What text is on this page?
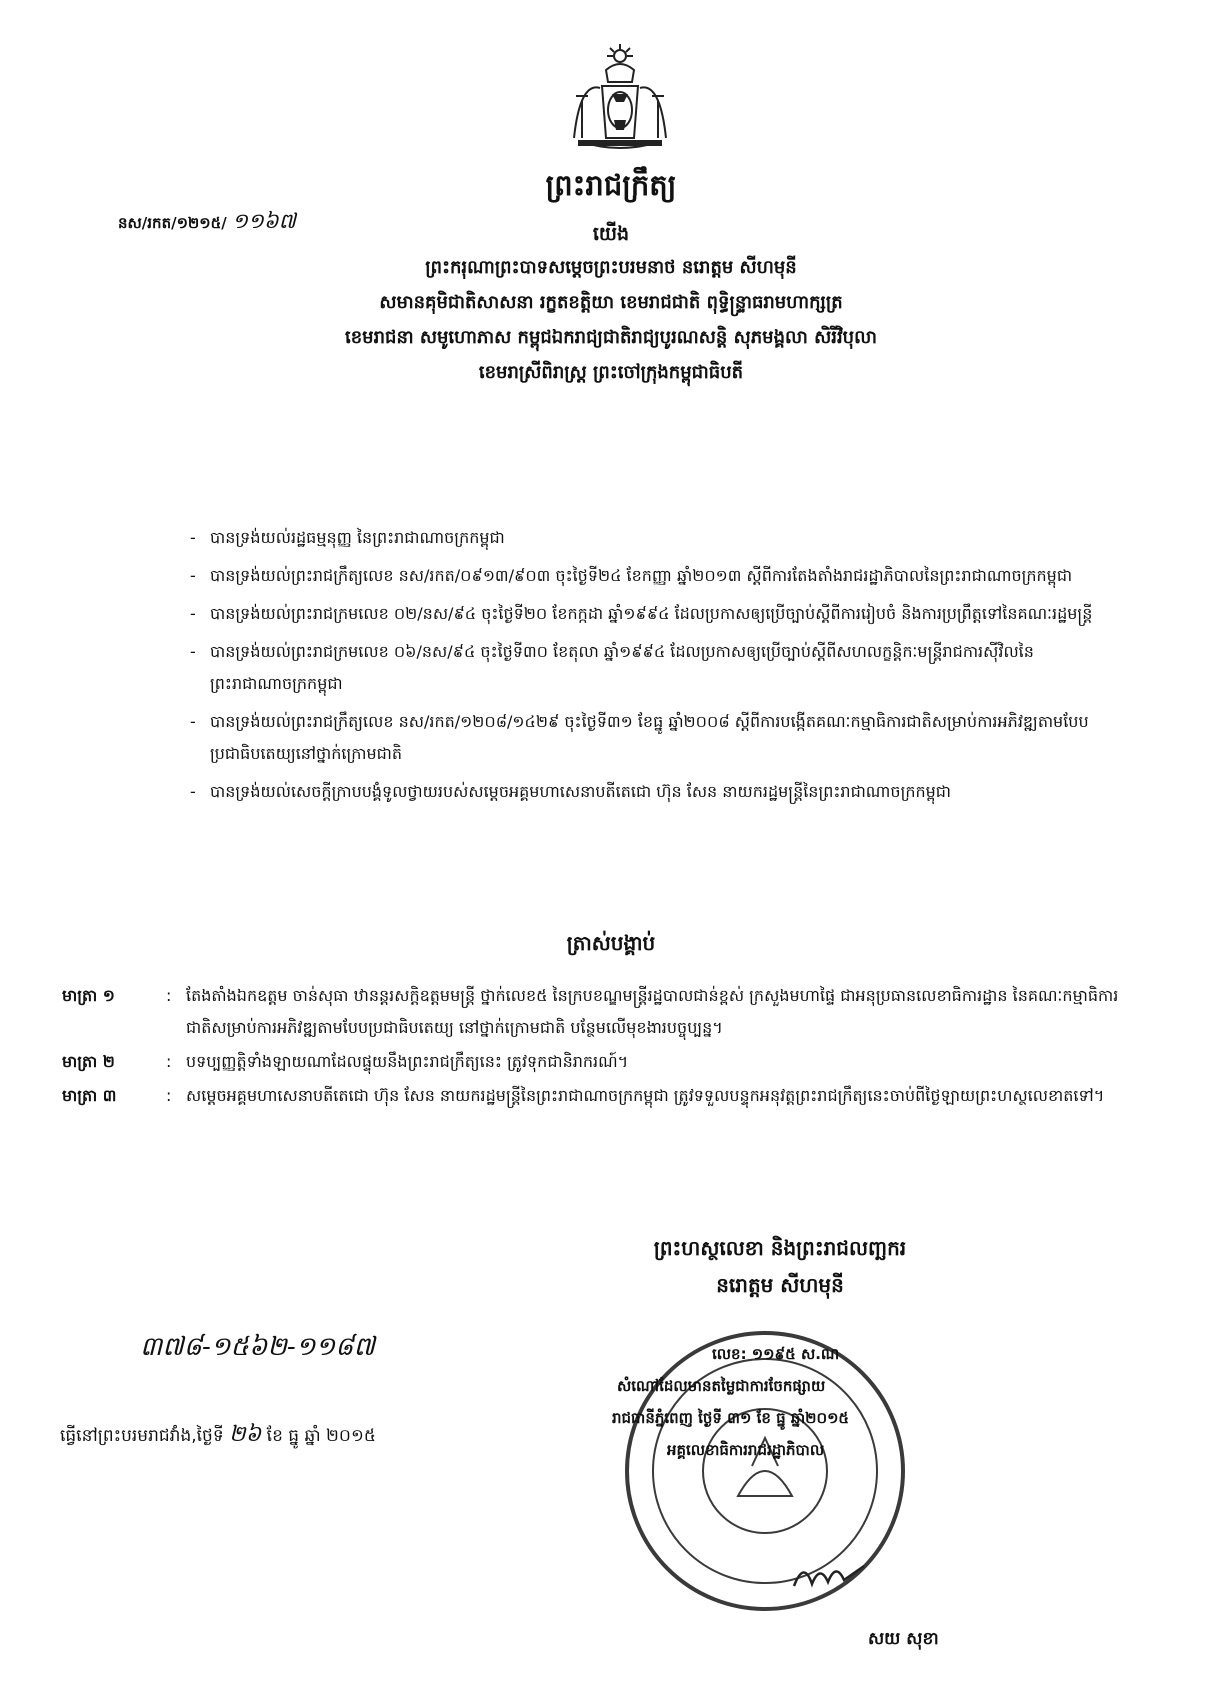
នស/រកត/១២១៥/ ១១៦៧
ព្រះរាជក្រឹត្យ
យើង
ព្រះករុណាព្រះបាទសម្ដេចព្រះបរមនាថ នរោត្តម សីហមុនី
សមានគុមិជាតិសាសនា រក្ខតខត្តិយា ខេមរាជជាតិ ពុទ្ធិន្ទ្រាធរាមហាក្សត្រ
ខេមរាជនា សមូហោភាស កម្ពុជឯករាជ្យជាតិរាជ្យបូរណសន្តិ សុភមង្គលា សិរីវិបុលា
ខេមរាស្រីពិរាស្ត្រ ព្រះចៅក្រុងកម្ពុជាធិបតី
- បានទ្រង់យល់រដ្ឋធម្មនុញ្ញ នៃព្រះរាជាណាចក្រកម្ពុជា
- បានទ្រង់យល់ព្រះរាជក្រឹត្យលេខ នស/រកត/០៩១៣/៩០៣ ចុះថ្ងៃទី២៤ ខែកញ្ញា ឆ្នាំ២០១៣ ស្ដីពីការតែងតាំងរាជរដ្ឋាភិបាលនៃព្រះរាជាណាចក្រកម្ពុជា
- បានទ្រង់យល់ព្រះរាជក្រមលេខ ០២/នស/៩៤ ចុះថ្ងៃទី២០ ខែកក្កដា ឆ្នាំ១៩៩៤ ដែលប្រកាសឲ្យប្រើច្បាប់ស្ដីពីការរៀបចំ និងការប្រព្រឹត្តទៅនៃគណៈរដ្ឋមន្ត្រី
- បានទ្រង់យល់ព្រះរាជក្រមលេខ ០៦/នស/៩៤ ចុះថ្ងៃទី៣០ ខែតុលា ឆ្នាំ១៩៩៤ ដែលប្រកាសឲ្យប្រើច្បាប់ស្ដីពីសហលក្ខន្តិកៈមន្ត្រីរាជការស៊ីវិលនៃព្រះរាជាណាចក្រកម្ពុជា
- បានទ្រង់យល់ព្រះរាជក្រឹត្យលេខ នស/រកត/១២០៨/១៤២៩ ចុះថ្ងៃទី៣១ ខែធ្នូ ឆ្នាំ២០០៨ ស្ដីពីការបង្កើតគណៈកម្មាធិការជាតិសម្រាប់ការអភិវឌ្ឍតាមបែបប្រជាធិបតេយ្យនៅថ្នាក់ក្រោមជាតិ
- បានទ្រង់យល់សេចក្ដីក្រាបបង្គំទូលថ្វាយរបស់សម្ដេចអគ្គមហាសេនាបតីតេជោ ហ៊ុន សែន នាយករដ្ឋមន្ត្រីនៃព្រះរាជាណាចក្រកម្ពុជា
ត្រាស់បង្គាប់
មាត្រា ១	: តែងតាំងឯកឧត្តម ចាន់សុធា ឋានន្តរសក្តិឧត្តមមន្ត្រី ថ្នាក់លេខ៥ នៃក្របខណ្ឌមន្ត្រីរដ្ឋបាលជាន់ខ្ពស់ ក្រសួងមហាផ្ទៃ ជាអនុប្រធានលេខាធិការដ្ឋាន នៃគណៈកម្មាធិការជាតិសម្រាប់ការអភិវឌ្ឍតាមបែបប្រជាធិបតេយ្យ នៅថ្នាក់ក្រោមជាតិ បន្ថែមលើមុខងារបច្ចុប្បន្ន។
មាត្រា ២	: បទប្បញ្ញត្តិទាំងឡាយណាដែលផ្ទុយនឹងព្រះរាជក្រឹត្យនេះ ត្រូវទុកជានិរាករណ៍។
មាត្រា ៣	: សម្ដេចអគ្គមហាសេនាបតីតេជោ ហ៊ុន សែន នាយករដ្ឋមន្ត្រីនៃព្រះរាជាណាចក្រកម្ពុជា ត្រូវទទួលបន្ទុកអនុវត្តព្រះរាជក្រឹត្យនេះចាប់ពីថ្ងៃឡាយព្រះហស្ថលេខាតទៅ។
ព្រះហស្ថលេខា និងព្រះរាជលញ្ឆករ
នរោត្តម សីហមុនី
៣៧៨-១៥៦២-១១៨៧
ធ្វើនៅព្រះបរមរាជវាំង,ថ្ងៃទី ២៦ ខែ ធ្នូ ឆ្នាំ ២០១៥
លេខ: ១១៩៥ ស.ណ
សំណៅដែលមានតម្លៃជាការចែកផ្សាយ
រាជធានីភ្នំពេញ ថ្ងៃទី ៣១ ខែ ធ្នូ ឆ្នាំ២០១៥
អគ្គលេខាធិការរាជរដ្ឋាភិបាល
សយ សុខា
